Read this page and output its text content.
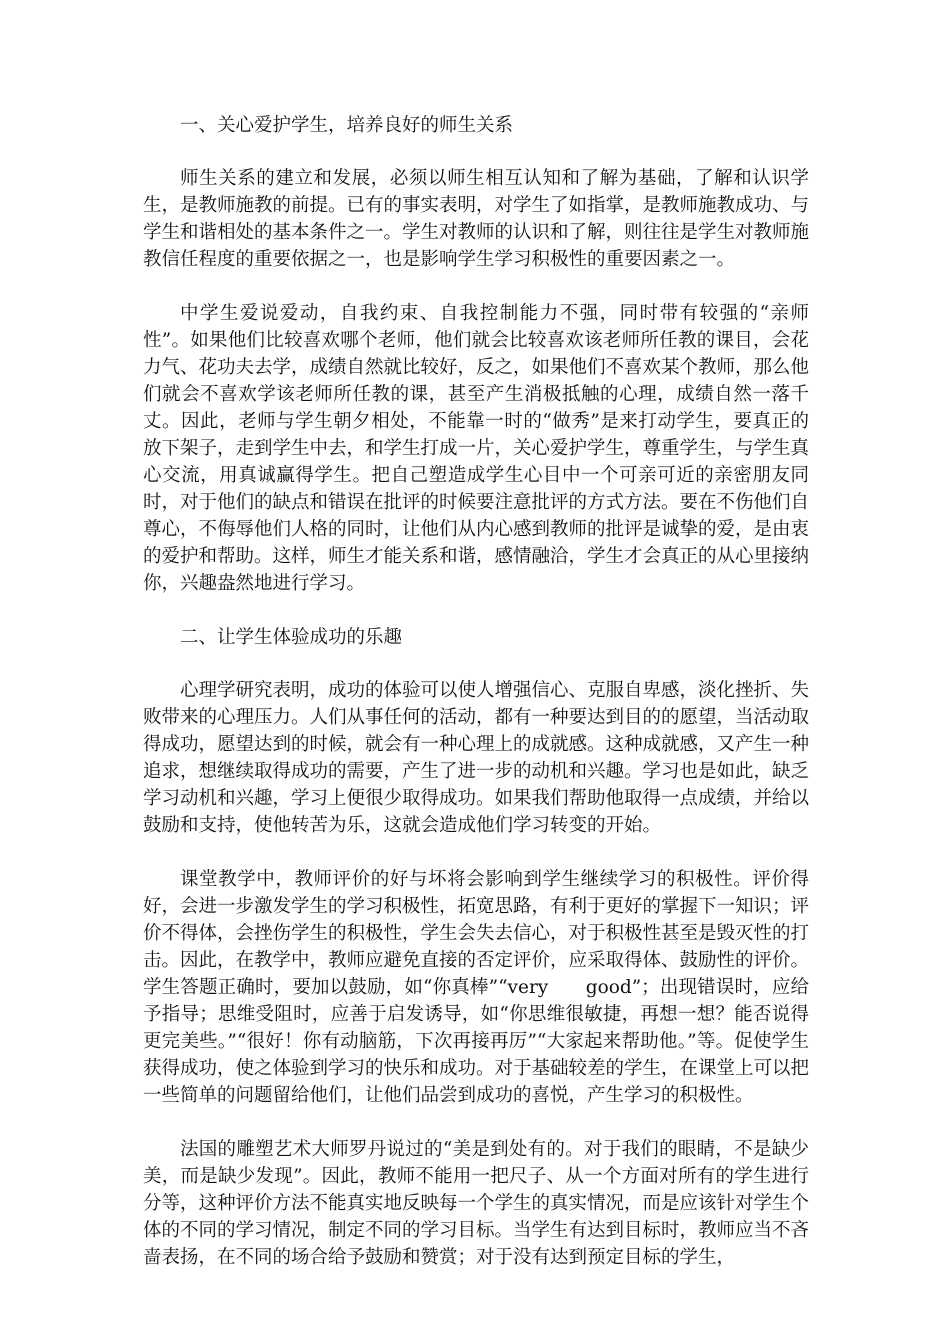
一、关心爱护学生，培养良好的师生关系

师生关系的建立和发展，必须以师生相互认知和了解为基础，了解和认识学生，是教师施教的前提。已有的事实表明，对学生了如指掌，是教师施教成功、与学生和谐相处的基本条件之一。学生对教师的认识和了解，则往往是学生对教师施教信任程度的重要依据之一，也是影响学生学习积极性的重要因素之一。

中学生爱说爱动，自我约束、自我控制能力不强，同时带有较强的“亲师性”。如果他们比较喜欢哪个老师，他们就会比较喜欢该老师所任教的课目，会花力气、花功夫去学，成绩自然就比较好，反之，如果他们不喜欢某个教师，那么他们就会不喜欢学该老师所任教的课，甚至产生消极抵触的心理，成绩自然一落千丈。因此，老师与学生朝夕相处，不能靠一时的“做秀”是来打动学生，要真正的放下架子，走到学生中去，和学生打成一片，关心爱护学生，尊重学生，与学生真心交流，用真诚赢得学生。把自己塑造成学生心目中一个可亲可近的亲密朋友同时，对于他们的缺点和错误在批评的时候要注意批评的方式方法。要在不伤他们自尊心，不侮辱他们人格的同时，让他们从内心感到教师的批评是诚挚的爱，是由衷的爱护和帮助。这样，师生才能关系和谐，感情融洽，学生才会真正的从心里接纳你，兴趣盎然地进行学习。

二、让学生体验成功的乐趣

心理学研究表明，成功的体验可以使人增强信心、克服自卑感，淡化挫折、失败带来的心理压力。人们从事任何的活动，都有一种要达到目的的愿望，当活动取得成功，愿望达到的时候，就会有一种心理上的成就感。这种成就感，又产生一种追求，想继续取得成功的需要，产生了进一步的动机和兴趣。学习也是如此，缺乏学习动机和兴趣，学习上便很少取得成功。如果我们帮助他取得一点成绩，并给以鼓励和支持，使他转苦为乐，这就会造成他们学习转变的开始。

课堂教学中，教师评价的好与坏将会影响到学生继续学习的积极性。评价得好，会进一步激发学生的学习积极性，拓宽思路，有利于更好的掌握下一知识；评价不得体，会挫伤学生的积极性，学生会失去信心，对于积极性甚至是毁灭性的打击。因此，在教学中，教师应避免直接的否定评价，应采取得体、鼓励性的评价。学生答题正确时，要加以鼓励，如“你真棒”“very　　good”；出现错误时，应给予指导；思维受阻时，应善于启发诱导，如“你思维很敏捷，再想一想？能否说得更完美些。”“很好！你有动脑筋，下次再接再厉”“大家起来帮助他。”等。促使学生获得成功，使之体验到学习的快乐和成功。对于基础较差的学生，在课堂上可以把一些简单的问题留给他们，让他们品尝到成功的喜悦，产生学习的积极性。

法国的雕塑艺术大师罗丹说过的“美是到处有的。对于我们的眼睛，不是缺少美，而是缺少发现”。因此，教师不能用一把尺子、从一个方面对所有的学生进行分等，这种评价方法不能真实地反映每一个学生的真实情况，而是应该针对学生个体的不同的学习情况，制定不同的学习目标。当学生有达到目标时，教师应当不吝啬表扬，在不同的场合给予鼓励和赞赏；对于没有达到预定目标的学生，
